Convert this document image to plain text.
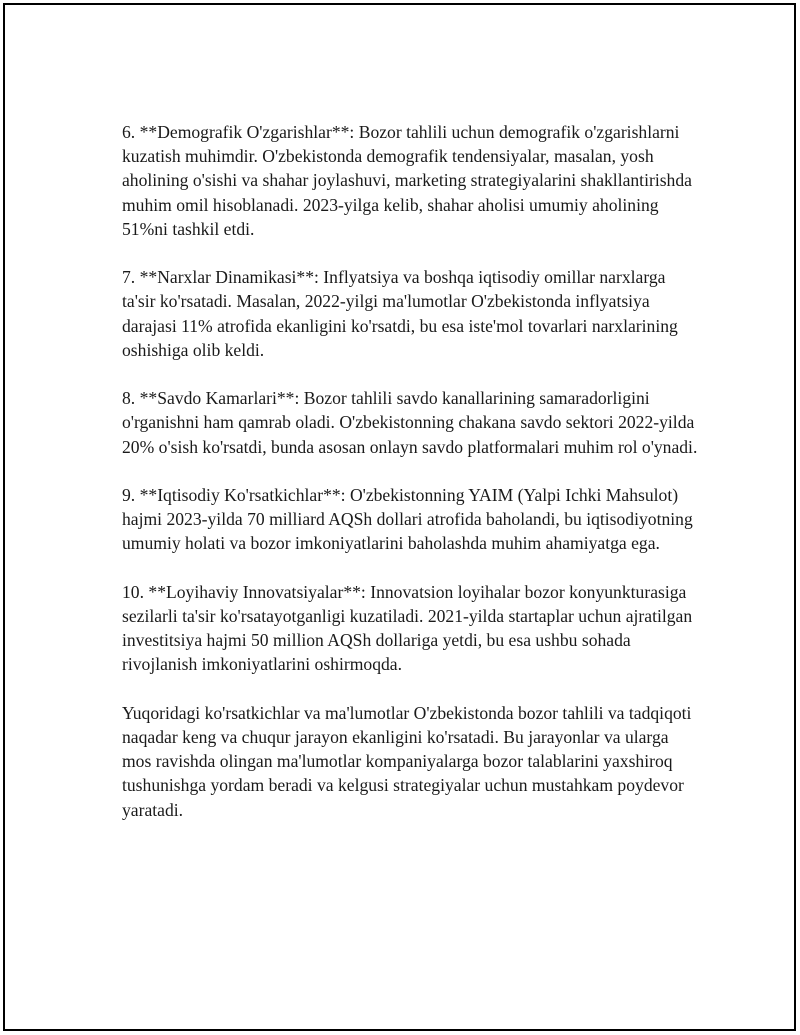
6. **Demografik O'zgarishlar**: Bozor tahlili uchun demografik o'zgarishlarni kuzatish muhimdir. O'zbekistonda demografik tendensiyalar, masalan, yosh aholining o'sishi va shahar joylashuvi, marketing strategiyalarini shakllantirishda muhim omil hisoblanadi. 2023-yilga kelib, shahar aholisi umumiy aholining 51%ni tashkil etdi.

7. **Narxlar Dinamikasi**: Inflyatsiya va boshqa iqtisodiy omillar narxlarga ta'sir ko'rsatadi. Masalan, 2022-yilgi ma'lumotlar O'zbekistonda inflyatsiya darajasi 11% atrofida ekanligini ko'rsatdi, bu esa iste'mol tovarlari narxlarining oshishiga olib keldi.

8. **Savdo Kamarlari**: Bozor tahlili savdo kanallarining samaradorligini o'rganishni ham qamrab oladi. O'zbekistonning chakana savdo sektori 2022-yilda 20% o'sish ko'rsatdi, bunda asosan onlayn savdo platformalari muhim rol o'ynadi.

9. **Iqtisodiy Ko'rsatkichlar**: O'zbekistonning YAIM (Yalpi Ichki Mahsulot) hajmi 2023-yilda 70 milliard AQSh dollari atrofida baholandi, bu iqtisodiyotning umumiy holati va bozor imkoniyatlarini baholashda muhim ahamiyatga ega.

10. **Loyihaviy Innovatsiyalar**: Innovatsion loyihalar bozor konyunkturasiga sezilarli ta'sir ko'rsatayotganligi kuzatiladi. 2021-yilda startaplar uchun ajratilgan investitsiya hajmi 50 million AQSh dollariga yetdi, bu esa ushbu sohada rivojlanish imkoniyatlarini oshirmoqda.

Yuqoridagi ko'rsatkichlar va ma'lumotlar O'zbekistonda bozor tahlili va tadqiqoti naqadar keng va chuqur jarayon ekanligini ko'rsatadi. Bu jarayonlar va ularga mos ravishda olingan ma'lumotlar kompaniyalarga bozor talablarini yaxshiroq tushunishga yordam beradi va kelgusi strategiyalar uchun mustahkam poydevor yaratadi.
